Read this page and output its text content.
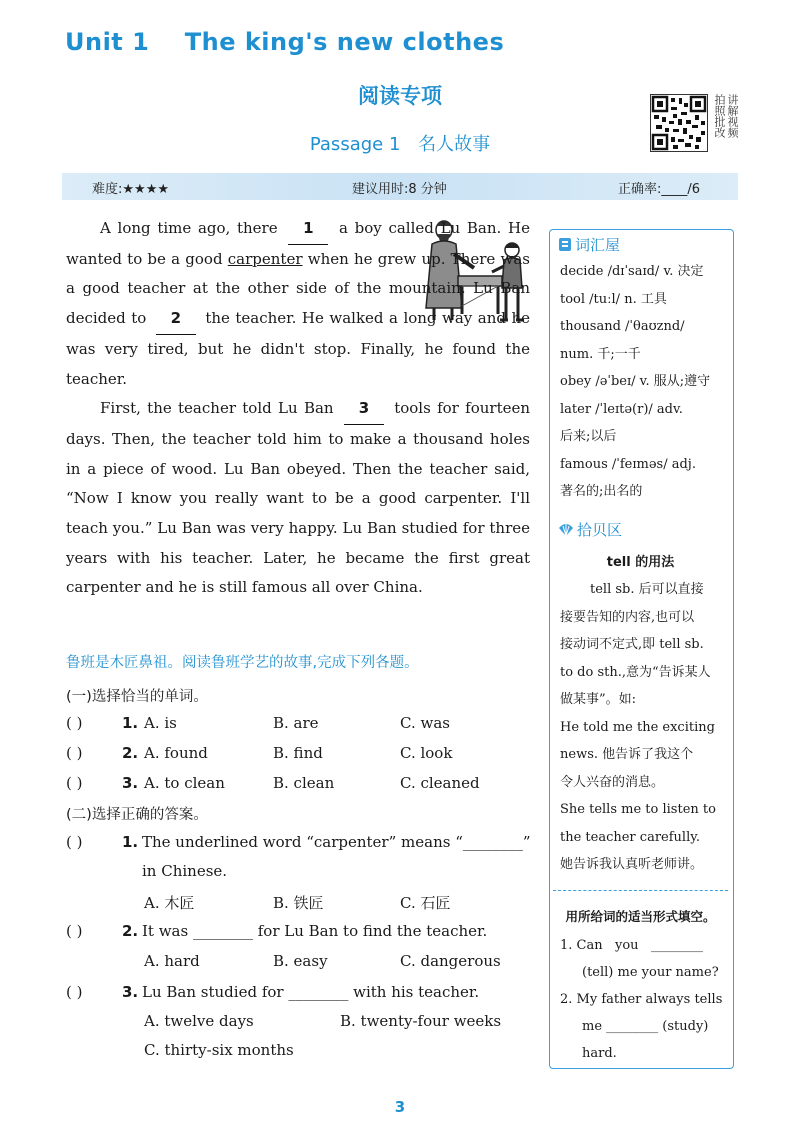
Unit 1    The king's new clothes
阅读专项
Passage 1 名人故事
讲解视频 拍照批改
难度:★★★★	建议用时:8 分钟	正确率:____/6

A long time ago, there 1 a boy called Lu Ban. He wanted to be a good carpenter when he grew up. There was a good teacher at the other side of the mountain. Lu Ban decided to 2 the teacher. He walked a long way and he was very tired, but he didn't stop. Finally, he found the teacher.

First, the teacher told Lu Ban 3 tools for fourteen days. Then, the teacher told him to make a thousand holes in a piece of wood. Lu Ban obeyed. Then the teacher said, “Now I know you really want to be a good carpenter. I'll teach you.” Lu Ban was very happy. Lu Ban studied for three years with his teacher. Later, he became the first great carpenter and he is still famous all over China.

鲁班是木匠鼻祖。阅读鲁班学艺的故事,完成下列各题。
(一)选择恰当的单词。
( )	1. A. is	B. are	C. was
( )	2. A. found	B. find	C. look
( )	3. A. to clean	B. clean	C. cleaned
(二)选择正确的答案。
( )	1. The underlined word “carpenter” means “________”
in Chinese.
A. 木匠	B. 铁匠	C. 石匠
( )	2. It was ________ for Lu Ban to find the teacher.
A. hard	B. easy	C. dangerous
( )	3. Lu Ban studied for ________ with his teacher.
A. twelve days	B. twenty-four weeks
C. thirty-six months
词汇屋
decide /dɪˈsaɪd/ v. 决定
tool /tuːl/ n. 工具
thousand /ˈθaʊznd/
num. 千;一千
obey /əˈbeɪ/ v. 服从;遵守
later /ˈleɪtə(r)/ adv.
后来;以后
famous /ˈfeɪməs/ adj.
著名的;出名的
拾贝区
tell 的用法
tell sb. 后可以直接
接要告知的内容,也可以
接动词不定式,即 tell sb.
to do sth.,意为“告诉某人
做某事”。如:
He told me the exciting
news. 他告诉了我这个
令人兴奋的消息。
She tells me to listen to
the teacher carefully.
她告诉我认真听老师讲。
用所给词的适当形式填空。
1. Can   you   ________
(tell) me your name?
2. My father always tells
me ________ (study)
hard.
3
